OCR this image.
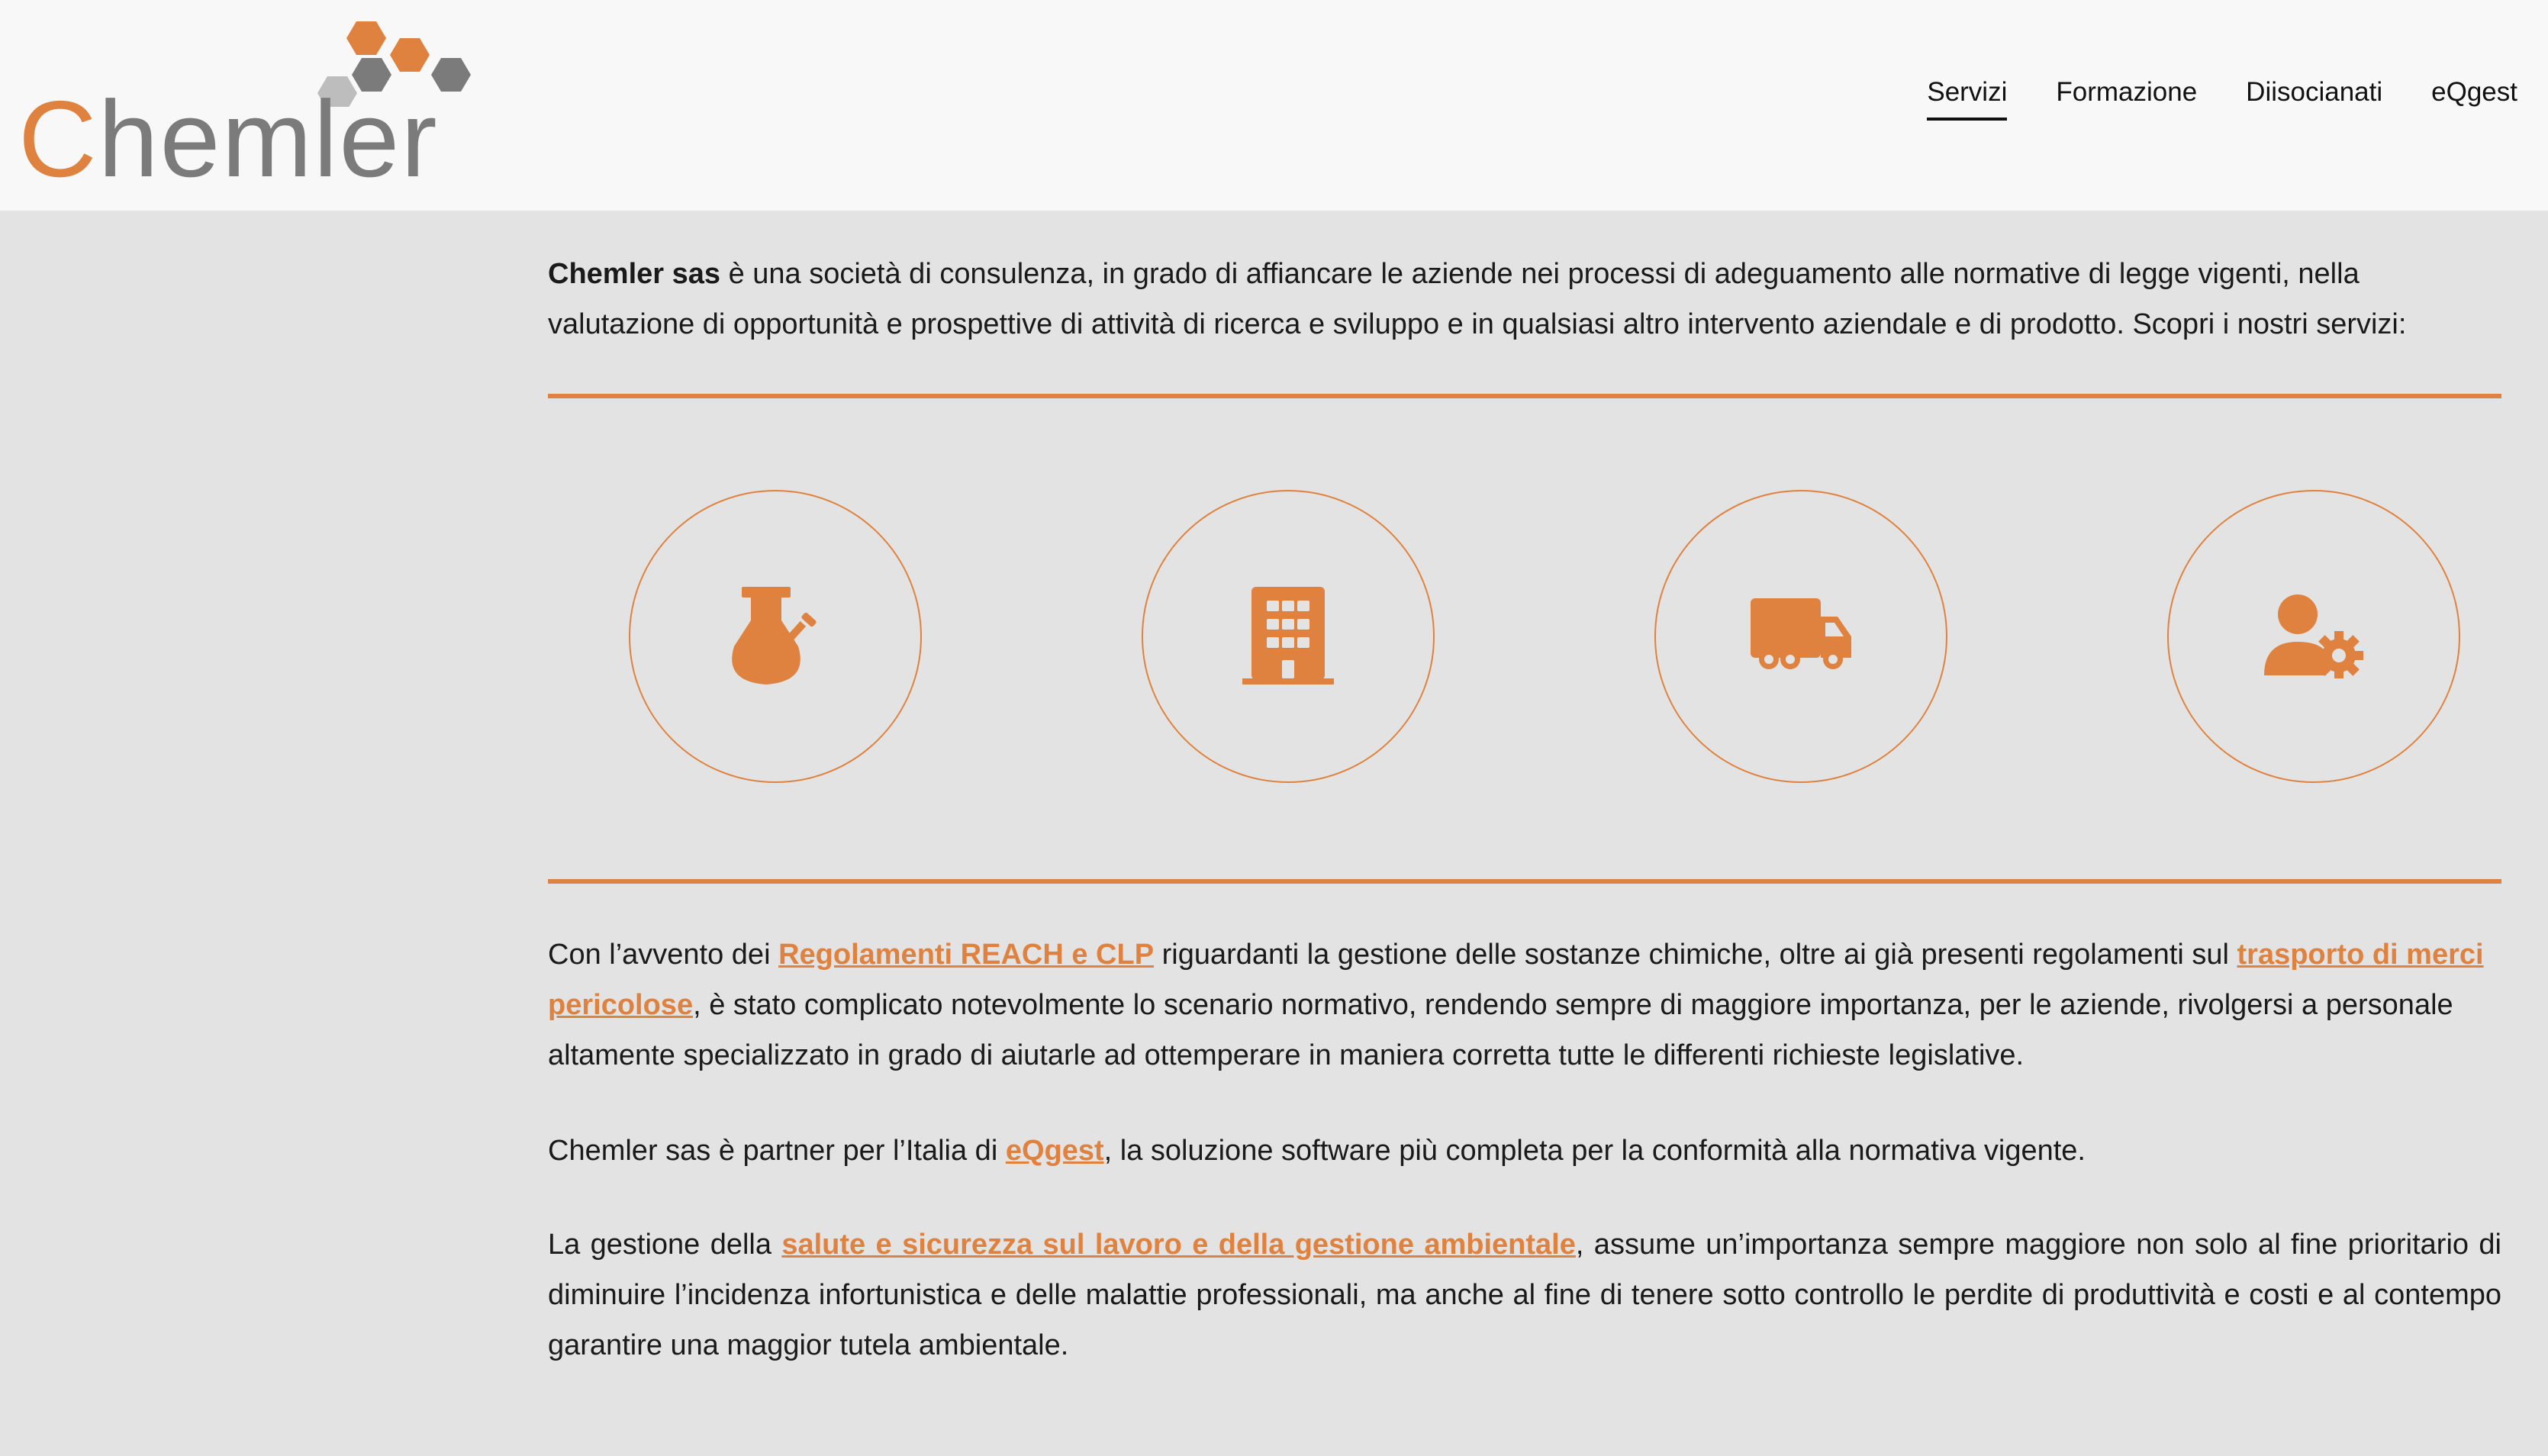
Chemler	Servizi Formazione Diisocianati eQgest

Chemler sas è una società di consulenza, in grado di affiancare le aziende nei processi di adeguamento alle normative di legge vigenti, nella valutazione di opportunità e prospettive di attività di ricerca e sviluppo e in qualsiasi altro intervento aziendale e di prodotto. Scopri i nostri servizi:

Con l’avvento dei Regolamenti REACH e CLP riguardanti la gestione delle sostanze chimiche, oltre ai già presenti regolamenti sul trasporto di merci pericolose, è stato complicato notevolmente lo scenario normativo, rendendo sempre di maggiore importanza, per le aziende, rivolgersi a personale altamente specializzato in grado di aiutarle ad ottemperare in maniera corretta tutte le differenti richieste legislative.

Chemler sas è partner per l’Italia di eQgest, la soluzione software più completa per la conformità alla normativa vigente.

La gestione della salute e sicurezza sul lavoro e della gestione ambientale, assume un’importanza sempre maggiore non solo al fine prioritario di diminuire l’incidenza infortunistica e delle malattie professionali, ma anche al fine di tenere sotto controllo le perdite di produttività e costi e al contempo garantire una maggior tutela ambientale.
